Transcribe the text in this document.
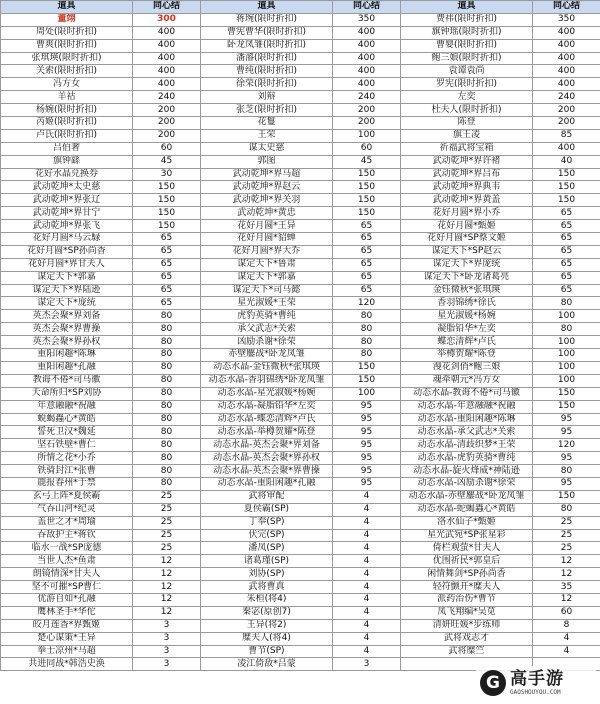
道具	同心结	道具	同心结	道具	同心结
董翊	300	蒋琬(限时折扣)	350	费祎(限时折扣)	350
周处(限时折扣)	400	曹宪曹华(限时折扣)	400	旗钟瑶(限时折扣)	400
曹爽(限时折扣)	400	卧龙凤雏(限时折扣)	400	曹婴(限时折扣)	400
张琪瑛(限时折扣)	400	潘濬(限时折扣)	400	鲍三娘(限时折扣)	400
关索(限时折扣)	400	曹纯(限时折扣)	400	袁谭袁尚	400
冯方女	400	徐荣(限时折扣)	400	罗宪(限时折扣)	400
羊祜	240	刘辩	240	左奕	240
杨婉(限时折扣)	200	张芝(限时折扣)	200	杜夫人(限时折扣)	200
芮姬(限时折扣)	200	花鬘	200	陈登	200
卢氏(限时折扣)	200	王荣	100	旗王凌	85
吕伯奢	60	谋太史慈	60	祈福武将宝箱	400
旗钟繇	45	郭图	45	武动乾坤*界许褚	40
花好水晶兑换券	30	武动乾坤*界马超	150	武动乾坤*界吕布	150
武动乾坤*太史慈	150	武动乾坤*界赵云	150	武动乾坤*界典韦	150
武动乾坤*界张辽	150	武动乾坤*界关羽	150	武动乾坤*界黄盖	150
武动乾坤*界甘宁	150	武动乾坤*黄忠	150	花好月圆*界小乔	65
武动乾坤*界张飞	150	花好月圆*王异	65	花好月圆*甄姬	65
花好月圆*马云騄	65	花好月圆*貂蝉	65	花好月圆*SP蔡文姬	65
花好月圆*SP孙尚香	65	花好月圆*界大乔	65	谋定天下*SP赵云	65
花好月圆*界甘夫人	65	谋定天下*鲁肃	65	谋定天下*界庞统	65
谋定天下*郭嘉	65	谋定天下*郭嘉	65	谋定天下*卧龙诸葛亮	65
谋定天下*界陆逊	65	谋定天下*司马懿	65	金钰微秋*张琪瑛	65
谋定天下*庞统	65	星光淑媛*王荣	120	香羽锦绣*徐氏	80
英杰会聚*界刘备	80	虎豹英骑*曹纯	80	星光淑媛*杨婉	100
英杰会聚*界曹操	80	承父武志*关索	80	凝脂铅华*左奕	80
英杰会聚*界孙权	80	凶励杀谢*徐荣	80	蝶恋清辉*卢氏	100
重阳闲趣*陈琳	80	赤壁鏖战*卧龙凤雏	80	举樽贺耀*陈登	100
重阳闲趣*孔融	80	动态水晶-金钰微秋*张琪瑛	150	漫花剑俏*鲍三娘	100
教诲不倦*司马徽	80	动态水晶-香羽锦绣*卧龙凤雏	150	魂牵朝元*冯方女	100
天命所归*SP刘协	80	动态水晶-星光淑媛*杨婉	100	动态水晶-教诲不倦*司马徽	150
年意融融*祝融	80	动态水晶-凝脂铅华*左奕	95	动态水晶-年意融融*祝融	150
蜕蝎蟲心*黄皓	80	动态水晶-蝶恋清辉*卢氏	95	动态水晶-重阳闲趣*陈琳	95
誓死卫汉*魏延	80	动态水晶-举樽贺耀*陈登	95	动态水晶-承父武志*关索	95
坚石铁壁*曹仁	80	动态水晶-英杰会聚*界刘备	95	动态水晶-清歧织梦*王荣	120
所情之花*小乔	80	动态水晶-英杰会聚*界孙权	95	动态水晶-虎豹英骑*曹纯	95
铁骑封江*张曹	80	动态水晶-英杰会聚*界曹操	95	动态水晶-旋火烽威*神陆逊	80
鹿报春州*于禁	80	动态水晶-重阳闲趣*孔融	95	动态水晶-凶励杀谢*徐荣	95
玄弓上阵*夏侯霸	25	武将审配	4	动态水晶-赤壁鏖战*卧龙凤雏	150
气吞山河*纪灵	25	夏侯霸(SP)	4	动态水晶-蛇蝎蟲心*黄皓	80
盖世之才*周瑜	25	丁奉(SP)	4	洛水仙子*甄姬	25
吞敌护主*蒋钦	25	伏完(SP)	4	星光武宛*SP张星彩	25
临水一战*SP庞德	25	潘凤(SP)	4	倚栏观萤*甘夫人	25
当世人杰*鱼肃	12	诸葛瑾(SP)	4	优围祈民*郭皇后	12
朗镜情深*甘夫人	12	刘协(SP)	4	闲情舞剑*SP孙尚香	12
坚不可摧*SP曹仁	12	武将曹真	4	轻符颤开*糜夫人	35
优游自如*孔融	12	朱桓(将4)	4	派药治伤*曹节	12
鹰林圣手*华佗	12	秦宓(原创7)	4	凤飞翔编*吴苋	60
皎月莲香*界甄姬	3	王异(将2)	4	清妍旺媛*步练师	8
楚心谋策*王异	3	糜夫人(将4)	4	武将戏志才	4
拳士凉州*马超	3	曹节(SP)	4	武将糜竺	4
共进同战*韩浩史涣	3	凌江倚敌*吕蒙	3		
G 高手游
GAOSHOUYOU.COM
